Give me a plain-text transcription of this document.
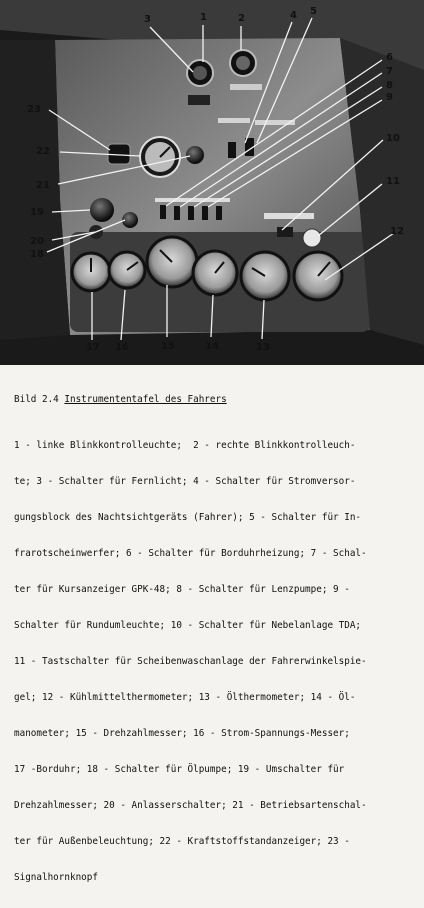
1	2
3	4 5
6
7
8
9
10
11
12
14	13
15
16
17
18
19
20
21
22
23
Bild 2.4 Instrumententafel des Fahrers

1 - linke Blinkkontrolleuchte;  2 - rechte Blinkkontrolleuch-

te; 3 - Schalter für Fernlicht; 4 - Schalter für Stromversor-

gungsblock des Nachtsichtgeräts (Fahrer); 5 - Schalter für In-

frarotscheinwerfer; 6 - Schalter für Borduhrheizung; 7 - Schal-

ter für Kursanzeiger GPK-48; 8 - Schalter für Lenzpumpe; 9 -

Schalter für Rundumleuchte; 10 - Schalter für Nebelanlage TDA;

11 - Tastschalter für Scheibenwaschanlage der Fahrerwinkelspie-

gel; 12 - Kühlmittelthermometer; 13 - Ölthermometer; 14 - Öl-

manometer; 15 - Drehzahlmesser; 16 - Strom-Spannungs-Messer;

17 -Borduhr; 18 - Schalter für Ölpumpe; 19 - Umschalter für

Drehzahlmesser; 20 - Anlasserschalter; 21 - Betriebsartenschal-

ter für Außenbeleuchtung; 22 - Kraftstoffstandanzeiger; 23 -

Signalhornknopf
